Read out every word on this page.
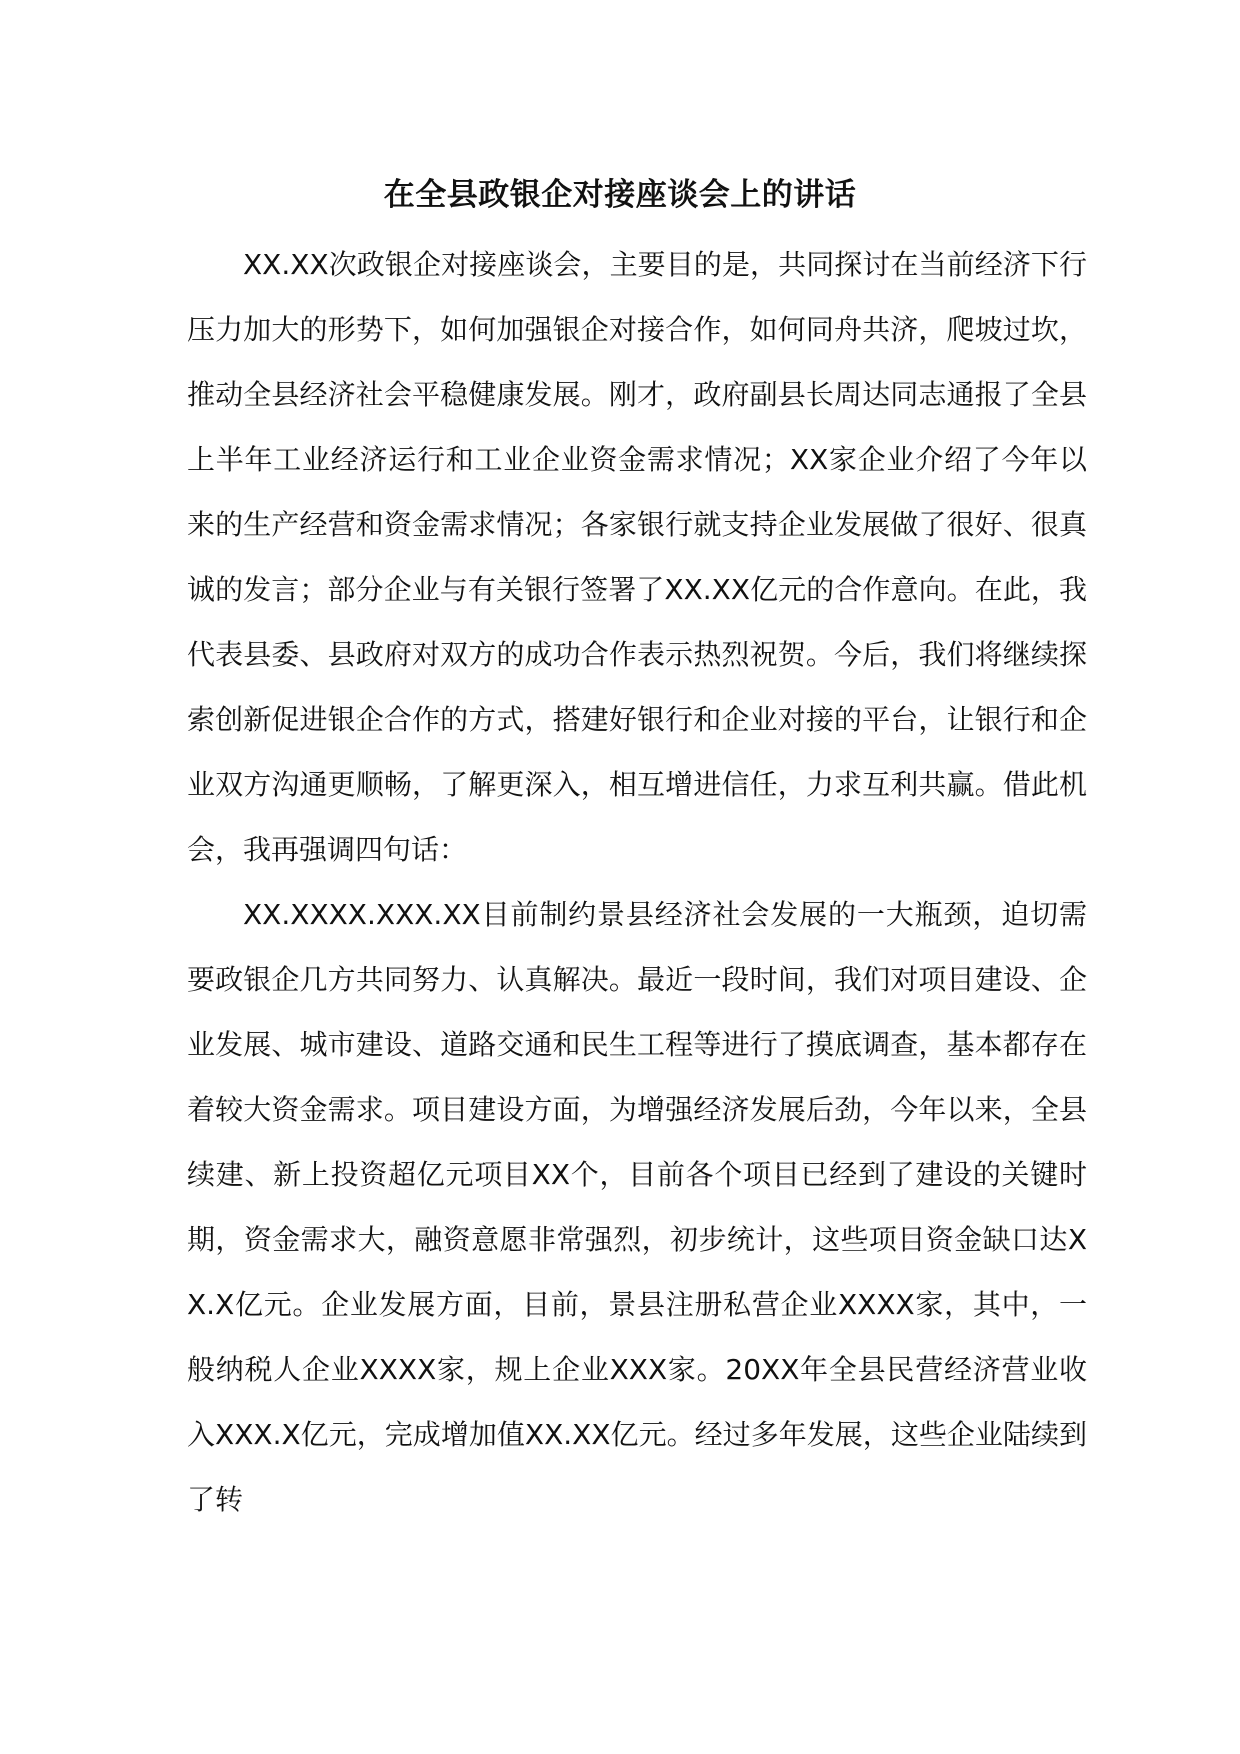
在全县政银企对接座谈会上的讲话

XX.XX次政银企对接座谈会，主要目的是，共同探讨在当前经济下行压力加大的形势下，如何加强银企对接合作，如何同舟共济，爬坡过坎，推动全县经济社会平稳健康发展。刚才，政府副县长周达同志通报了全县上半年工业经济运行和工业企业资金需求情况；XX家企业介绍了今年以来的生产经营和资金需求情况；各家银行就支持企业发展做了很好、很真诚的发言；部分企业与有关银行签署了XX.XX亿元的合作意向。在此，我代表县委、县政府对双方的成功合作表示热烈祝贺。今后，我们将继续探索创新促进银企合作的方式，搭建好银行和企业对接的平台，让银行和企业双方沟通更顺畅，了解更深入，相互增进信任，力求互利共赢。借此机会，我再强调四句话：

XX.XXXX.XXX.XX目前制约景县经济社会发展的一大瓶颈，迫切需要政银企几方共同努力、认真解决。最近一段时间，我们对项目建设、企业发展、城市建设、道路交通和民生工程等进行了摸底调查，基本都存在着较大资金需求。项目建设方面，为增强经济发展后劲，今年以来，全县续建、新上投资超亿元项目XX个，目前各个项目已经到了建设的关键时期，资金需求大，融资意愿非常强烈，初步统计，这些项目资金缺口达XX.X亿元。企业发展方面，目前，景县注册私营企业XXXX家，其中，一般纳税人企业XXXX家，规上企业XXX家。20XX年全县民营经济营业收入XXX.X亿元，完成增加值XX.XX亿元。经过多年发展，这些企业陆续到了转
